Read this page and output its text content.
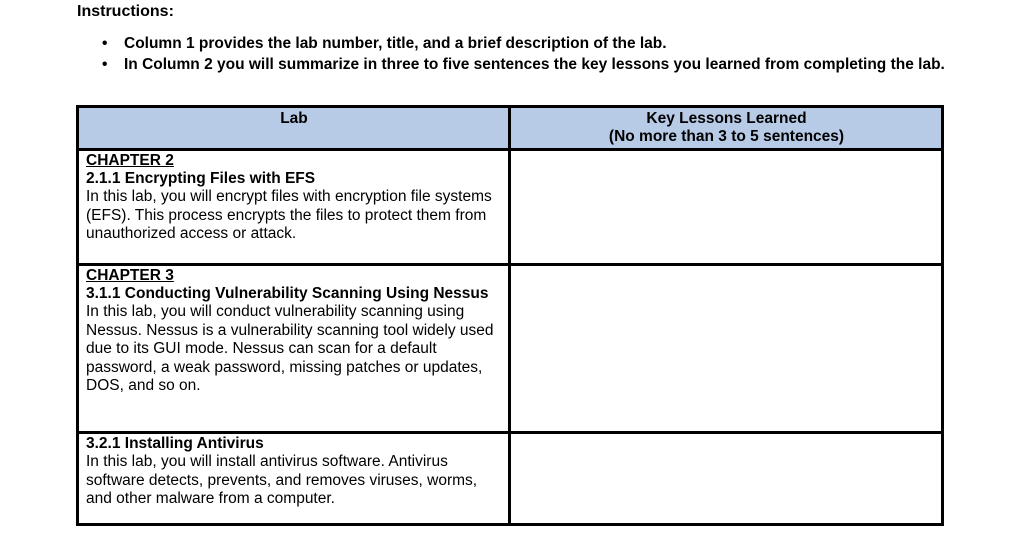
Instructions:

• Column 1 provides the lab number, title, and a brief description of the lab.
• In Column 2 you will summarize in three to five sentences the key lessons you learned from completing the lab.
Lab	Key Lessons Learned
(No more than 3 to 5 sentences)

CHAPTER 2
2.1.1 Encrypting Files with EFS
In this lab, you will encrypt files with encryption file systems (EFS). This process encrypts the files to protect them from unauthorized access or attack.	

CHAPTER 3
3.1.1 Conducting Vulnerability Scanning Using Nessus
In this lab, you will conduct vulnerability scanning using Nessus. Nessus is a vulnerability scanning tool widely used due to its GUI mode. Nessus can scan for a default password, a weak password, missing patches or updates, DOS, and so on.	

3.2.1 Installing Antivirus
In this lab, you will install antivirus software. Antivirus software detects, prevents, and removes viruses, worms, and other malware from a computer.	
